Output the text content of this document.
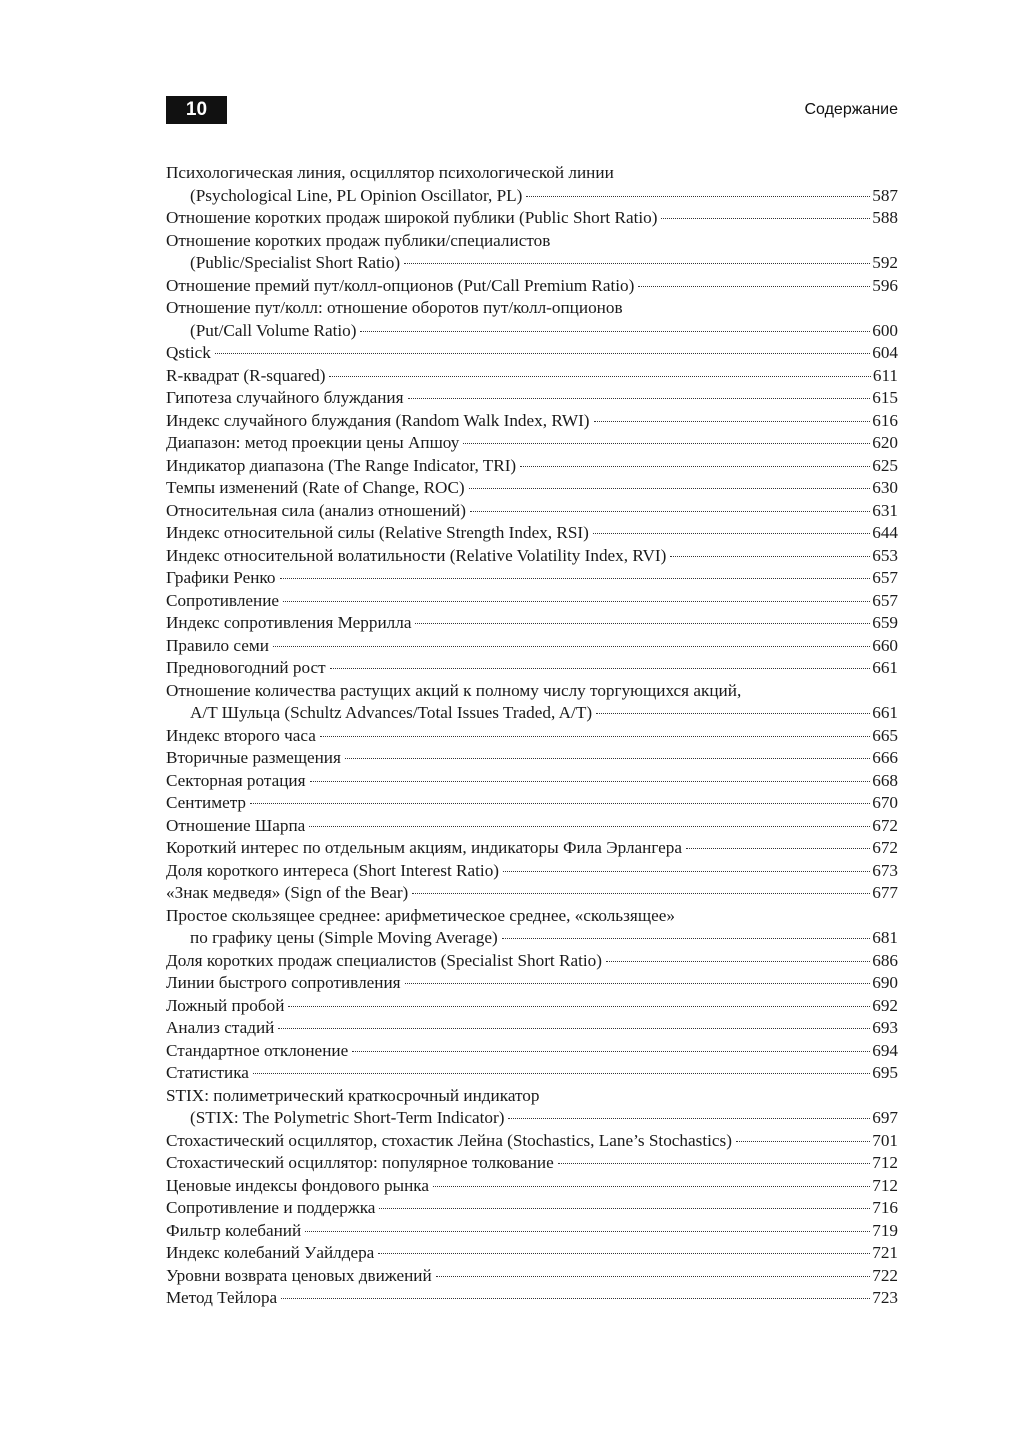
10	Содержание
Психологическая линия, осциллятор психологической линии
(Psychological Line, PL Opinion Oscillator, PL)	587
Отношение коротких продаж широкой публики (Public Short Ratio)	588
Отношение коротких продаж публики/специалистов
(Public/Specialist Short Ratio)	592
Отношение премий пут/колл-опционов (Put/Call Premium Ratio)	596
Отношение пут/колл: отношение оборотов пут/колл-опционов
(Put/Call Volume Ratio)	600
Qstick	604
R-квадрат (R-squared)	611
Гипотеза случайного блуждания	615
Индекс случайного блуждания (Random Walk Index, RWI)	616
Диапазон: метод проекции цены Апшоу	620
Индикатор диапазона (The Range Indicator, TRI)	625
Темпы изменений (Rate of Change, ROC)	630
Относительная сила (анализ отношений)	631
Индекс относительной силы (Relative Strength Index, RSI)	644
Индекс относительной волатильности (Relative Volatility Index, RVI)	653
Графики Ренко	657
Сопротивление	657
Индекс сопротивления Меррилла	659
Правило семи	660
Предновогодний рост	661
Отношение количества растущих акций к полному числу торгующихся акций,
A/T Шульца (Schultz Advances/Total Issues Traded, A/T)	661
Индекс второго часа	665
Вторичные размещения	666
Секторная ротация	668
Сентиметр	670
Отношение Шарпа	672
Короткий интерес по отдельным акциям, индикаторы Фила Эрлангера	672
Доля короткого интереса (Short Interest Ratio)	673
«Знак медведя» (Sign of the Bear)	677
Простое скользящее среднее: арифметическое среднее, «скользящее»
по графику цены (Simple Moving Average)	681
Доля коротких продаж специалистов (Specialist Short Ratio)	686
Линии быстрого сопротивления	690
Ложный пробой	692
Анализ стадий	693
Стандартное отклонение	694
Статистика	695
STIX: полиметрический краткосрочный индикатор
(STIX: The Polymetric Short-Term Indicator)	697
Стохастический осциллятор, стохастик Лейна (Stochastics, Lane’s Stochastics)	701
Стохастический осциллятор: популярное толкование	712
Ценовые индексы фондового рынка	712
Сопротивление и поддержка	716
Фильтр колебаний	719
Индекс колебаний Уайлдера	721
Уровни возврата ценовых движений	722
Метод Тейлора	723
